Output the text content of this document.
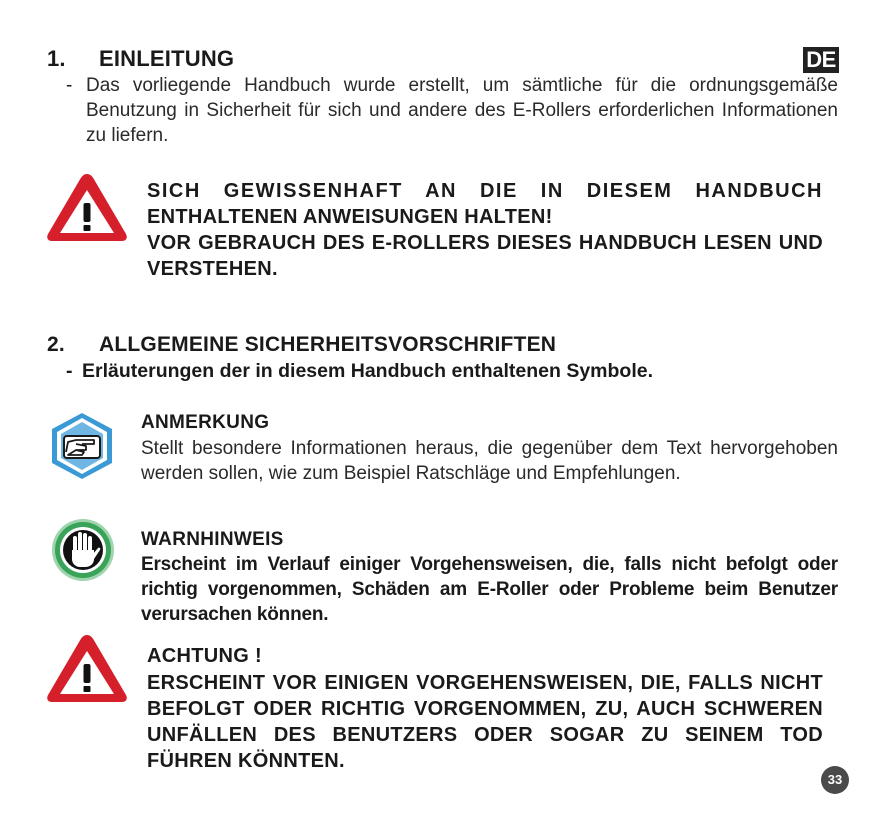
1. EINLEITUNG	DE
- Das vorliegende Handbuch wurde erstellt, um sämtliche für die ordnungsgemäße Benutzung in Sicherheit für sich und andere des E-Rollers erforderlichen Informationen zu liefern.
SICH GEWISSENHAFT AN DIE IN DIESEM HANDBUCH
ENTHALTENEN ANWEISUNGEN HALTEN!
VOR GEBRAUCH DES E-ROLLERS DIESES HANDBUCH LESEN UND VERSTEHEN.
2. ALLGEMEINE SICHERHEITSVORSCHRIFTEN
- Erläuterungen der in diesem Handbuch enthaltenen Symbole.
ANMERKUNG
Stellt besondere Informationen heraus, die gegenüber dem Text hervorgehoben werden sollen, wie zum Beispiel Ratschläge und Empfehlungen.
WARNHINWEIS
Erscheint im Verlauf einiger Vorgehensweisen, die, falls nicht befolgt oder richtig vorgenommen, Schäden am E-Roller oder Probleme beim Benutzer verursachen können.
ACHTUNG !
ERSCHEINT VOR EINIGEN VORGEHENSWEISEN, DIE, FALLS NICHT BEFOLGT ODER RICHTIG VORGENOMMEN, ZU, AUCH SCHWEREN UNFÄLLEN DES BENUTZERS ODER SOGAR ZU SEINEM TOD FÜHREN KÖNNTEN.
33
